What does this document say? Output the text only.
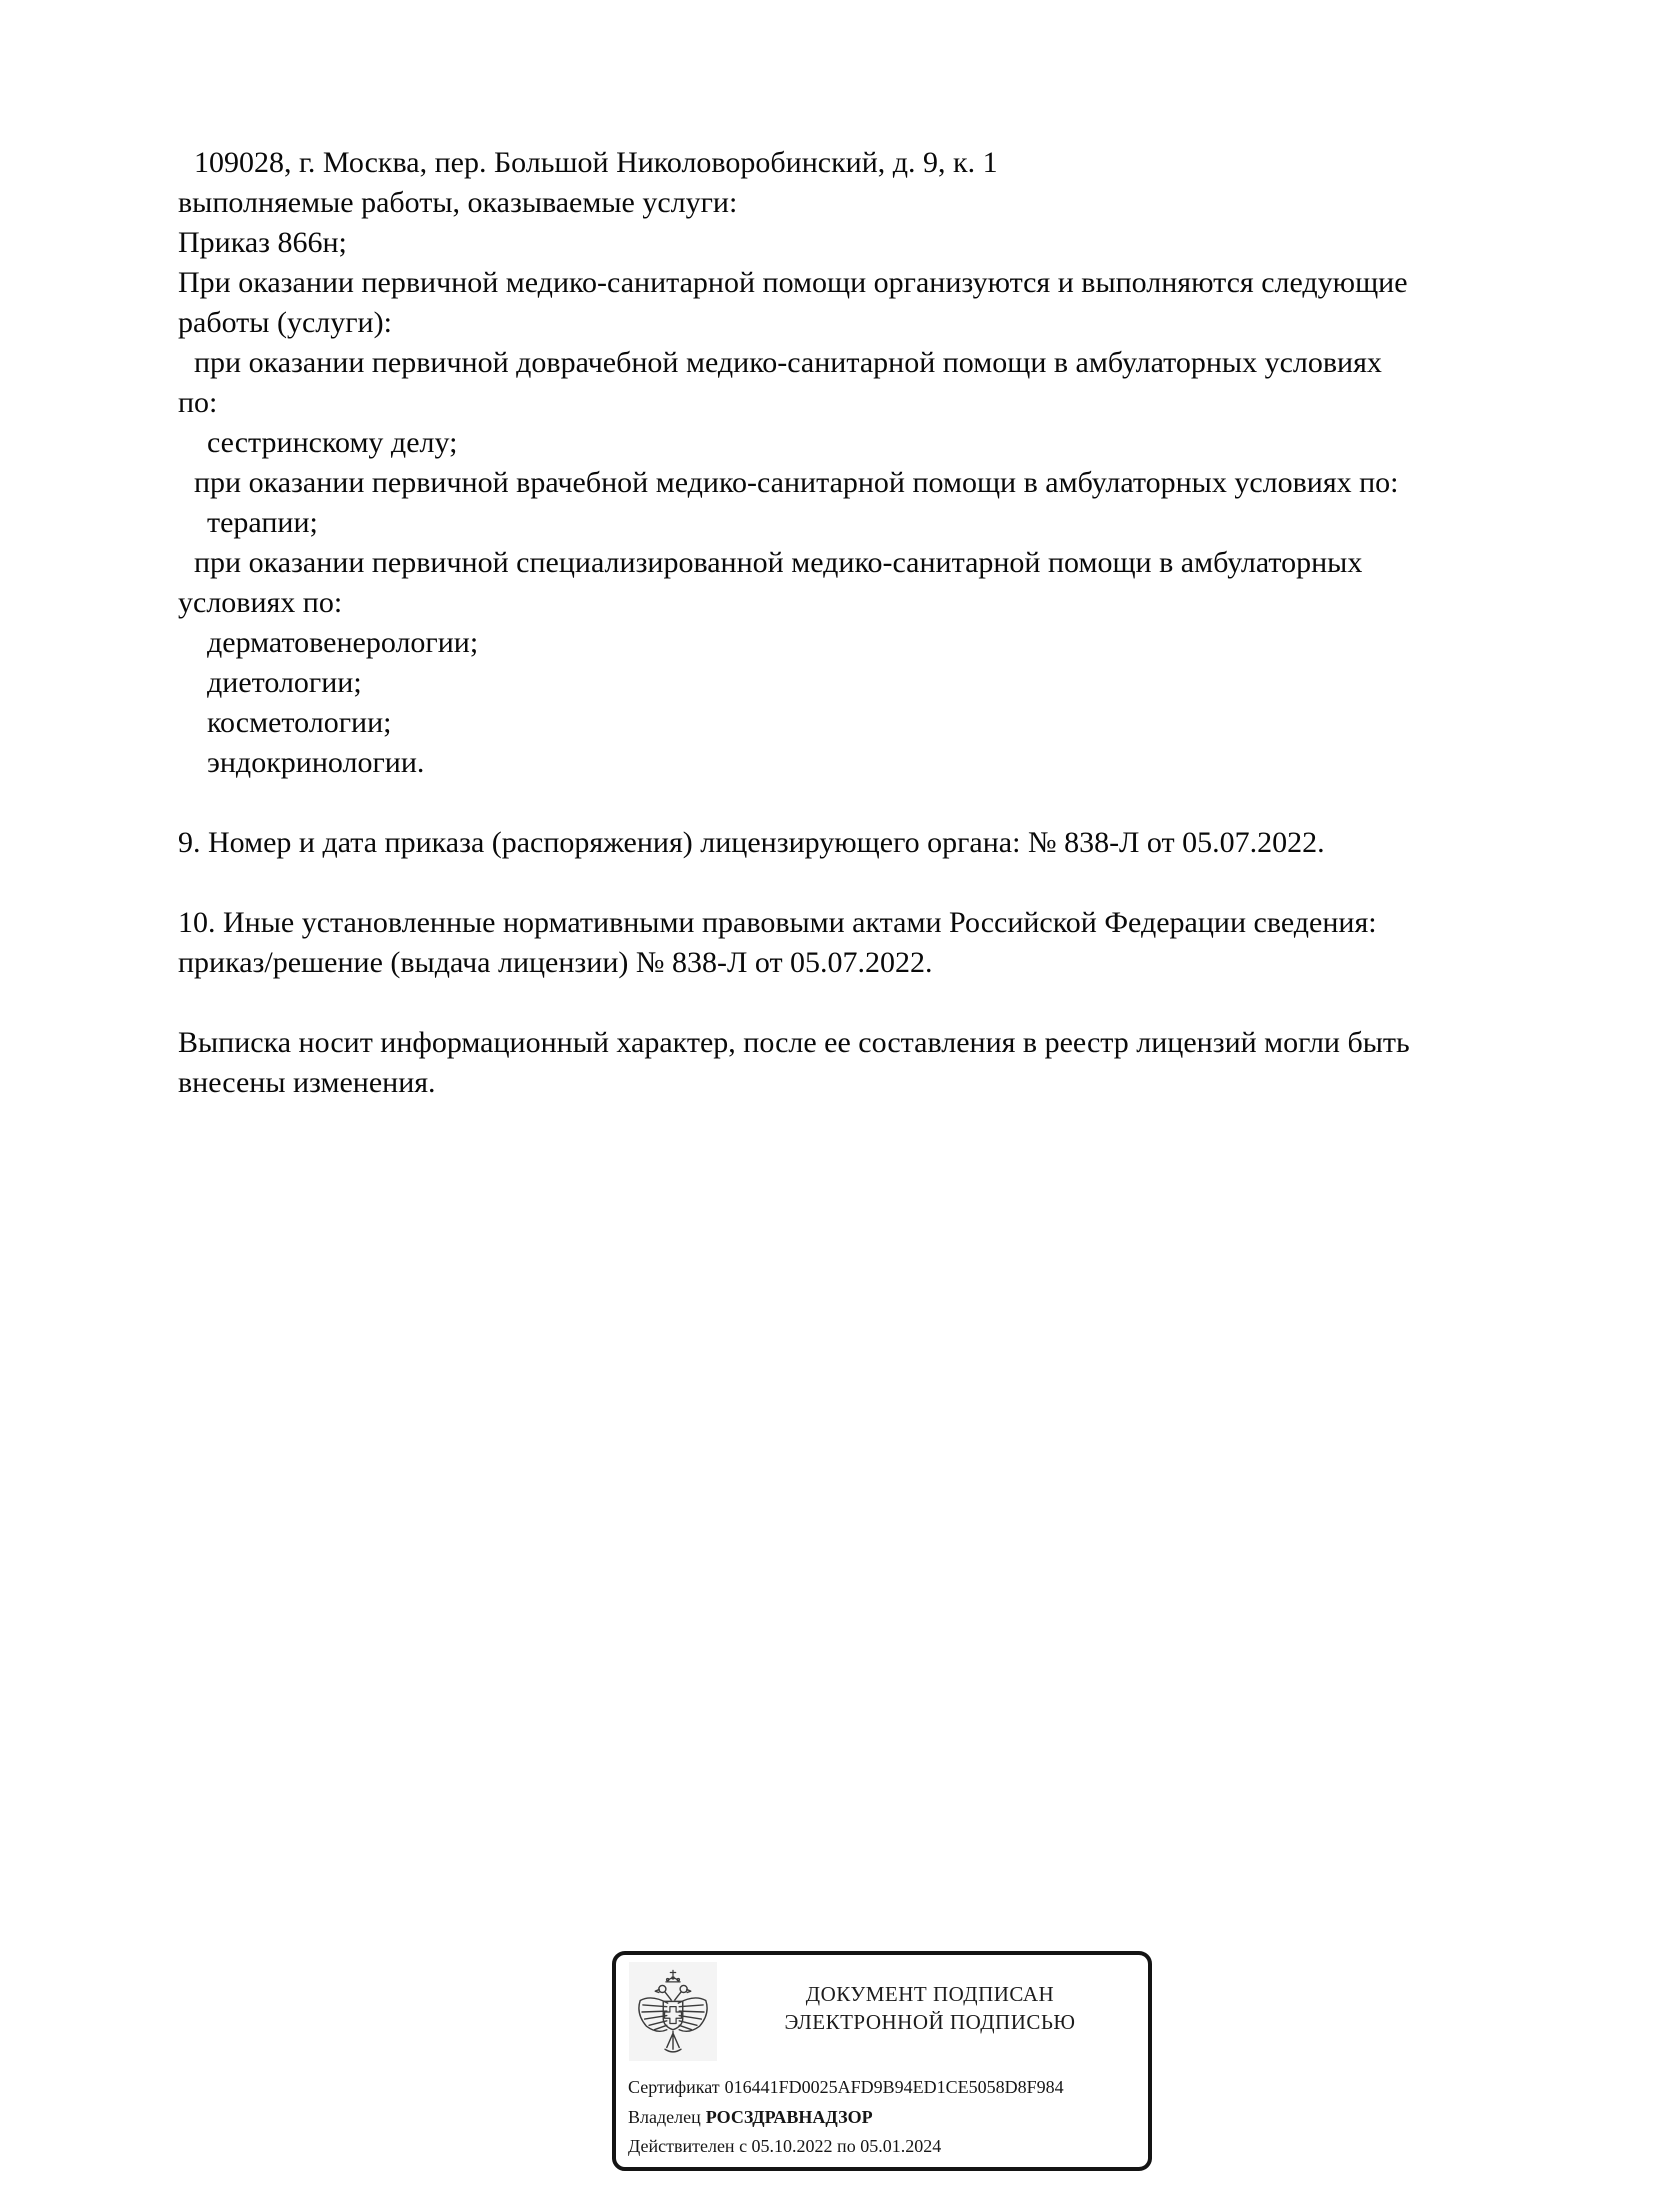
109028, г. Москва, пер. Большой Николоворобинский, д. 9, к. 1
выполняемые работы, оказываемые услуги:
Приказ 866н;
При оказании первичной медико-санитарной помощи организуются и выполняются следующие
работы (услуги):
при оказании первичной доврачебной медико-санитарной помощи в амбулаторных условиях
по:
сестринскому делу;
при оказании первичной врачебной медико-санитарной помощи в амбулаторных условиях по:
терапии;
при оказании первичной специализированной медико-санитарной помощи в амбулаторных
условиях по:
дерматовенерологии;
диетологии;
косметологии;
эндокринологии.
9. Номер и дата приказа (распоряжения) лицензирующего органа: № 838-Л от 05.07.2022.
10. Иные установленные нормативными правовыми актами Российской Федерации сведения:
приказ/решение (выдача лицензии) № 838-Л от 05.07.2022.
Выписка носит информационный характер, после ее составления в реестр лицензий могли быть
внесены изменения.
ДОКУМЕНТ ПОДПИСАН
ЭЛЕКТРОННОЙ ПОДПИСЬЮ
Сертификат 016441FD0025AFD9B94ED1CE5058D8F984
Владелец РОСЗДРАВНАДЗОР
Действителен с 05.10.2022 по 05.01.2024
